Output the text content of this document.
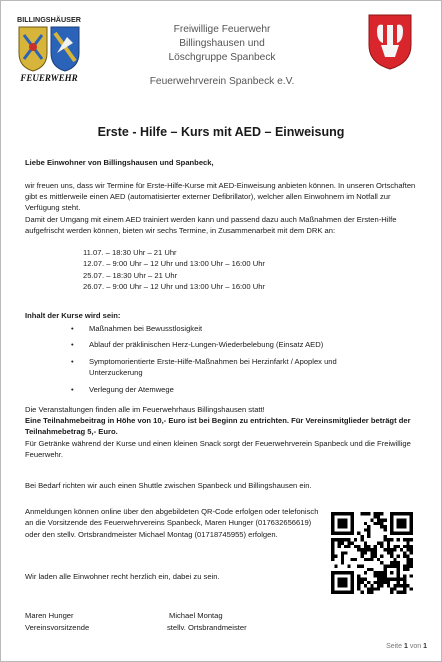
BILLINGSHÄUSER
FEUERWEHR
Freiwillige Feuerwehr
Billingshausen und
Löschgruppe Spanbeck
Feuerwehrverein Spanbeck e.V.
Erste - Hilfe – Kurs mit AED – Einweisung
Liebe Einwohner von Billingshausen und Spanbeck,

wir freuen uns, dass wir Termine für Erste-Hilfe-Kurse mit AED-Einweisung anbieten können. In unseren Ortschaften gibt es mittlerweile einen AED (automatisierter externer Defibrillator), welcher allen Einwohnern im Notfall zur Verfügung steht.

Damit der Umgang mit einem AED trainiert werden kann und passend dazu auch Maßnahmen der Ersten-Hilfe aufgefrischt werden können, bieten wir sechs Termine, in Zusammenarbeit mit dem DRK an:

11.07. – 18:30 Uhr – 21 Uhr
12.07. – 9:00 Uhr – 12 Uhr und 13:00 Uhr – 16:00 Uhr
25.07. – 18:30 Uhr – 21 Uhr
26.07. – 9:00 Uhr – 12 Uhr und 13:00 Uhr – 16:00 Uhr
Inhalt der Kurse wird sein:
• Maßnahmen bei Bewusstlosigkeit
• Ablauf der präklinischen Herz-Lungen-Wiederbelebung (Einsatz AED)
• Symptomorientierte Erste-Hilfe-Maßnahmen bei Herzinfarkt / Apoplex und Unterzuckerung
• Verlegung der Atemwege

Die Veranstaltungen finden alle im Feuerwehrhaus Billingshausen statt!

Eine Teilnahmebeitrag in Höhe von 10,- Euro ist bei Beginn zu entrichten. Für Vereinsmitglieder beträgt der Teilnahmebetrag 5,- Euro.

Für Getränke während der Kurse und einen kleinen Snack sorgt der Feuerwehrverein Spanbeck und die Freiwillige Feuerwehr.

Bei Bedarf richten wir auch einen Shuttle zwischen Spanbeck und Billingshausen ein.
Anmeldungen können online über den abgebildeten QR-Code erfolgen oder telefonisch an die Vorsitzende des Feuerwehrvereins Spanbeck, Maren Hunger (017632656619) oder den stellv. Ortsbrandmeister Michael Montag (01718745955) erfolgen.
Wir laden alle Einwohner recht herzlich ein, dabei zu sein.
Maren Hunger
Vereinsvorsitzende
Michael Montag
stellv. Ortsbrandmeister
Seite 1 von 1
